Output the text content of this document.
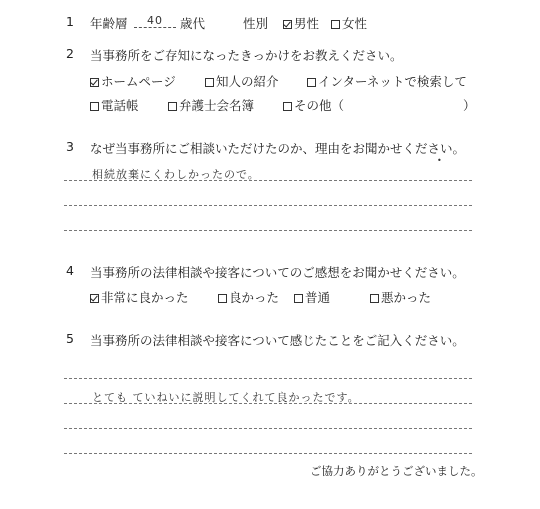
1	年齢層	40	歳代	性別	男性	女性
2	当事務所をご存知になったきっかけをお教えください。
ホームページ	知人の紹介	インターネットで検索して
電話帳	弁護士会名簿	その他（	）
3	なぜ当事務所にご相談いただけたのか、理由をお聞かせください。
•
相続放棄にくわしかったので。
4	当事務所の法律相談や接客についてのご感想をお聞かせください。
非常に良かった	良かった	普通	悪かった
5	当事務所の法律相談や接客について感じたことをご記入ください。
とても ていねいに説明してくれて良かったです。
ご協力ありがとうございました。
